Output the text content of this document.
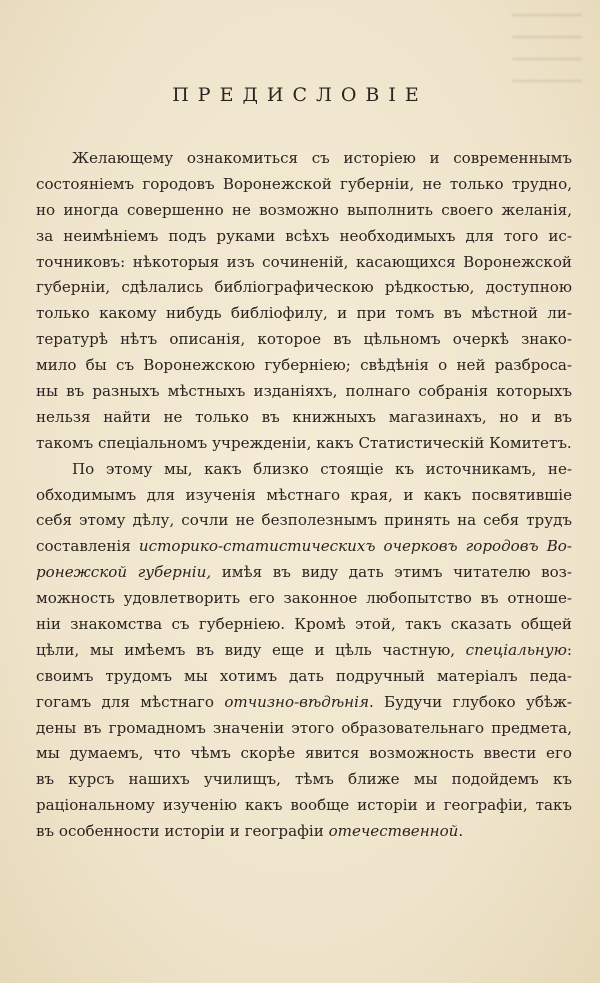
ПРЕДИСЛОВІЕ
Желающему ознакомиться съ исторіею и современнымъ
состояніемъ городовъ Воронежской губерніи, не только трудно,
но иногда совершенно не возможно выполнить своего желанія,
за неимѣніемъ подъ руками всѣхъ необходимыхъ для того ис-
точниковъ: нѣкоторыя изъ сочиненій, касающихся Воронежской
губерніи, сдѣлались библіографическою рѣдкостью, доступною
только какому нибудь библіофилу, и при томъ въ мѣстной ли-
тературѣ нѣтъ описанія, которое въ цѣльномъ очеркѣ знако-
мило бы съ Воронежскою губерніею; свѣдѣнія о ней разброса-
ны въ разныхъ мѣстныхъ изданіяхъ, полнаго собранія которыхъ
нельзя найти не только въ книжныхъ магазинахъ, но и въ
такомъ спеціальномъ учрежденіи, какъ Статистическій Комитетъ.
По этому мы, какъ близко стоящіе къ источникамъ, не-
обходимымъ для изученія мѣстнаго края, и какъ посвятившіе
себя этому дѣлу, сочли не безполезнымъ принять на себя трудъ
составленія историко-статистическихъ очерковъ городовъ Во-
ронежской губерніи, имѣя въ виду дать этимъ читателю воз-
можность удовлетворить его законное любопытство въ отноше-
ніи знакомства съ губерніею. Кромѣ этой, такъ сказать общей
цѣли, мы имѣемъ въ виду еще и цѣль частную, спеціальную:
своимъ трудомъ мы хотимъ дать подручный матеріалъ педа-
гогамъ для мѣстнаго отчизно-вѣдѣнія. Будучи глубоко убѣж-
дены въ громадномъ значеніи этого образовательнаго предмета,
мы думаемъ, что чѣмъ скорѣе явится возможность ввести его
въ курсъ нашихъ училищъ, тѣмъ ближе мы подойдемъ къ
раціональному изученію какъ вообще исторіи и географіи, такъ
въ особенности исторіи и географіи отечественной.
